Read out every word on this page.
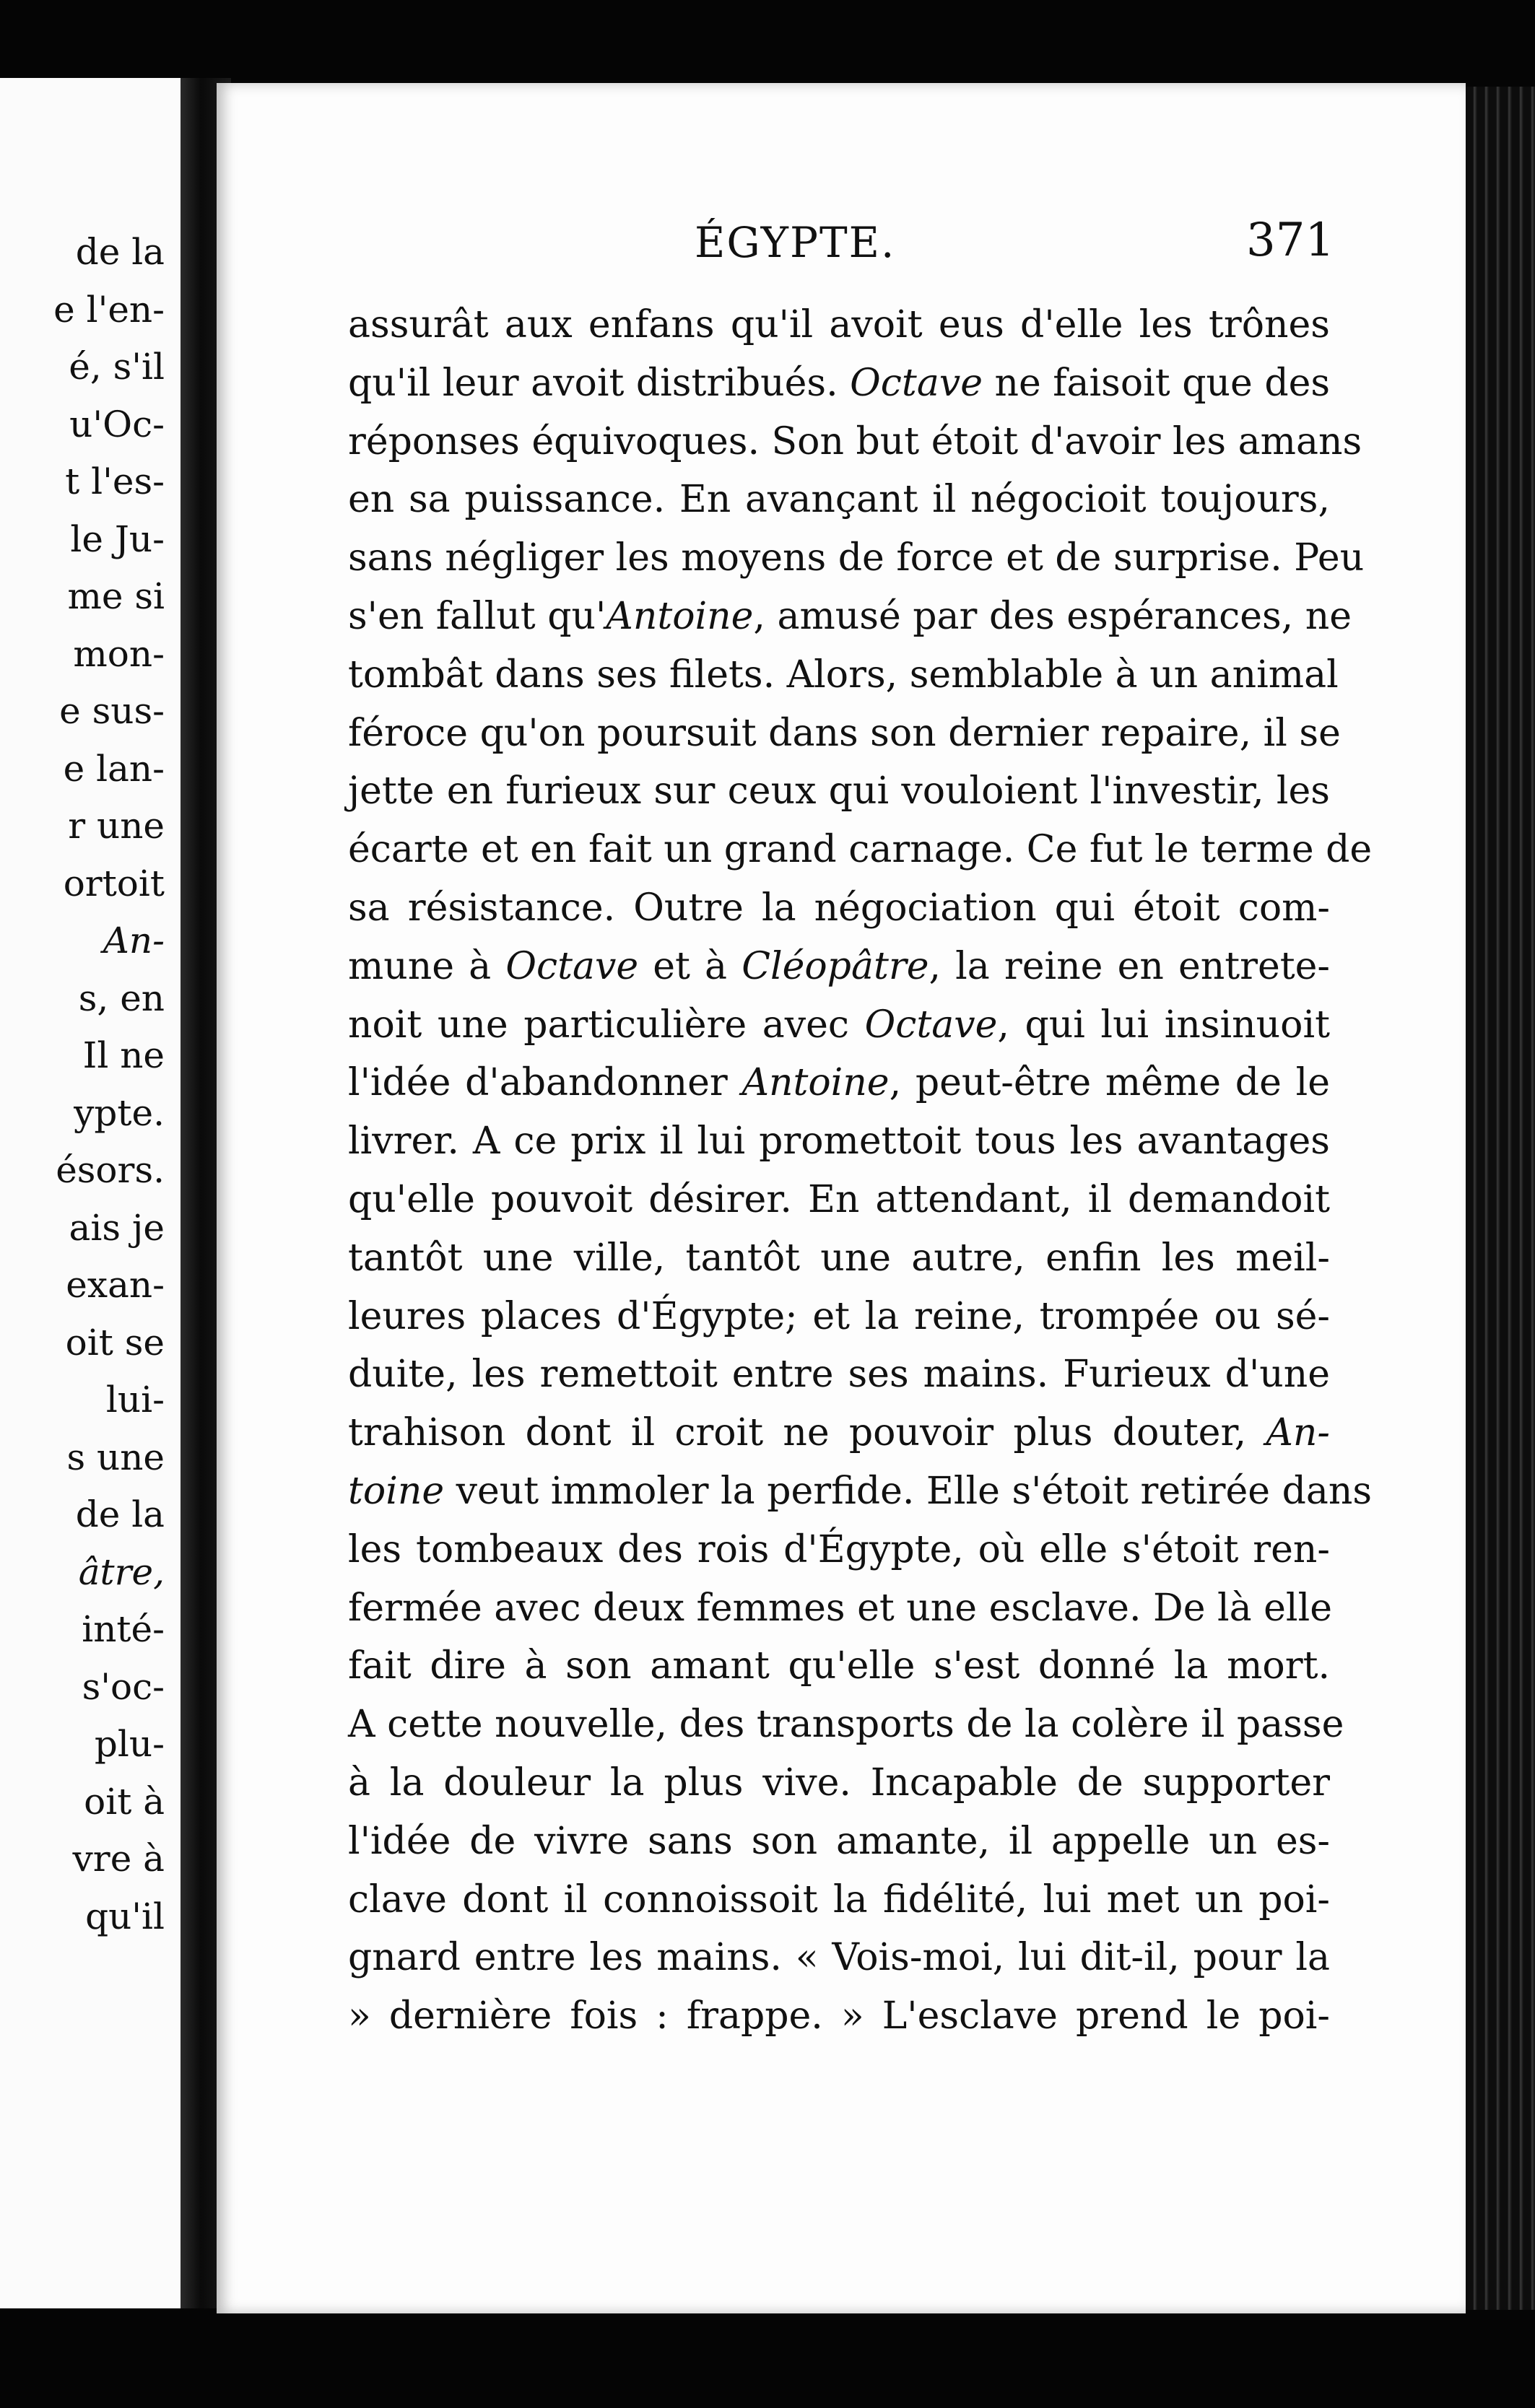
de la
e l'en-
é, s'il
u'Oc-
t l'es-
le Ju-
me si
mon-
e sus-
e lan-
r une
ortoit
An-
s, en
Il ne
ypte.
ésors.
ais je
exan-
oit se
lui-
s une
de la
âtre,
inté-
s'oc-
plu-
oit à
vre à
qu'il
ÉGYPTE.	371
assurât aux enfans qu'il avoit eus d'elle les trônes
qu'il leur avoit distribués. Octave ne faisoit que des
réponses équivoques. Son but étoit d'avoir les amans
en sa puissance. En avançant il négocioit toujours,
sans négliger les moyens de force et de surprise. Peu
s'en fallut qu'Antoine, amusé par des espérances, ne
tombât dans ses filets. Alors, semblable à un animal
féroce qu'on poursuit dans son dernier repaire, il se
jette en furieux sur ceux qui vouloient l'investir, les
écarte et en fait un grand carnage. Ce fut le terme de
sa résistance. Outre la négociation qui étoit com-
mune à Octave et à Cléopâtre, la reine en entrete-
noit une particulière avec Octave, qui lui insinuoit
l'idée d'abandonner Antoine, peut-être même de le
livrer. A ce prix il lui promettoit tous les avantages
qu'elle pouvoit désirer. En attendant, il demandoit
tantôt une ville, tantôt une autre, enfin les meil-
leures places d'Égypte; et la reine, trompée ou sé-
duite, les remettoit entre ses mains. Furieux d'une
trahison dont il croit ne pouvoir plus douter, An-
toine veut immoler la perfide. Elle s'étoit retirée dans
les tombeaux des rois d'Égypte, où elle s'étoit ren-
fermée avec deux femmes et une esclave. De là elle
fait dire à son amant qu'elle s'est donné la mort.
A cette nouvelle, des transports de la colère il passe
à la douleur la plus vive. Incapable de supporter
l'idée de vivre sans son amante, il appelle un es-
clave dont il connoissoit la fidélité, lui met un poi-
gnard entre les mains. « Vois-moi, lui dit-il, pour la
» dernière fois : frappe. » L'esclave prend le poi-
